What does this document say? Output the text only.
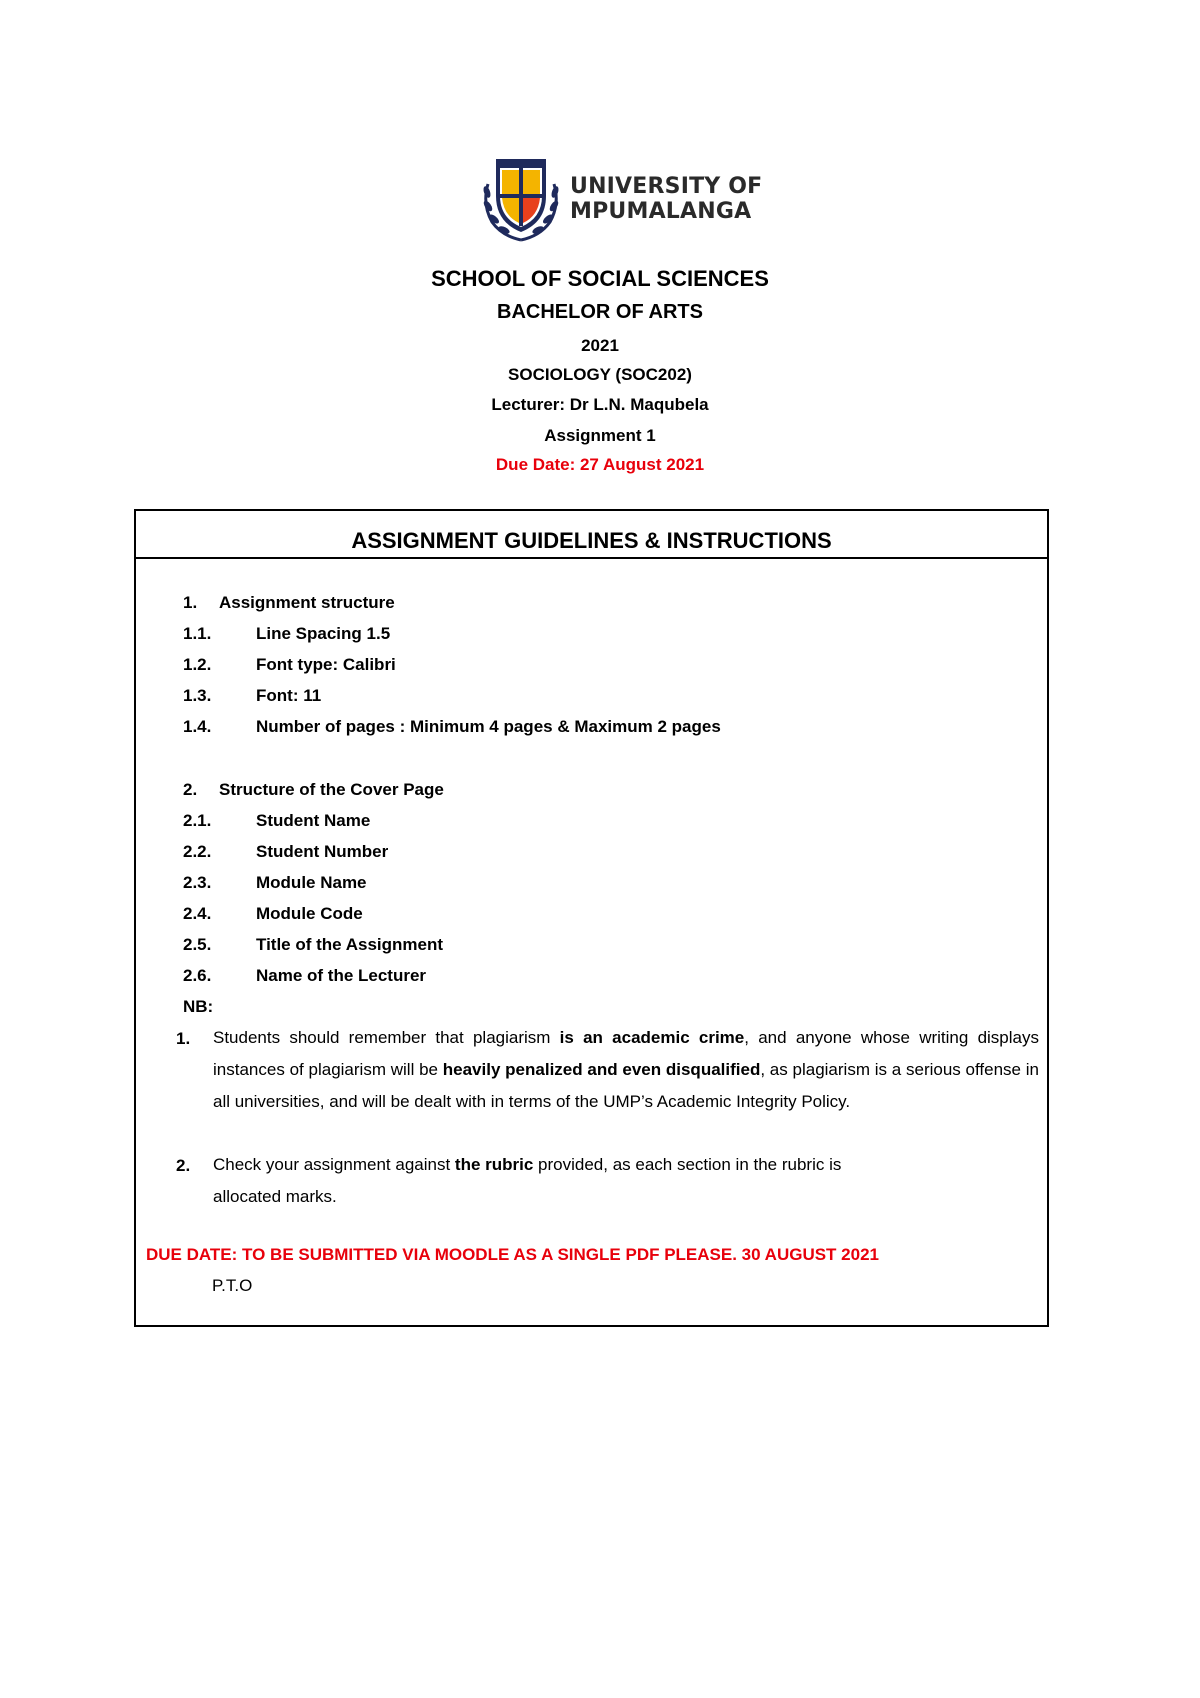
UNIVERSITY OF
MPUMALANGA
SCHOOL OF SOCIAL SCIENCES
BACHELOR OF ARTS
2021
SOCIOLOGY (SOC202)
Lecturer: Dr L.N. Maqubela
Assignment 1
Due Date: 27 August 2021
ASSIGNMENT GUIDELINES & INSTRUCTIONS
1. Assignment structure
1.1.	Line Spacing 1.5
1.2.	Font type: Calibri
1.3.	Font: 11
1.4.	Number of pages : Minimum 4 pages & Maximum 2 pages
2. Structure of the Cover Page
2.1.	Student Name
2.2.	Student Number
2.3.	Module Name
2.4.	Module Code
2.5.	Title of the Assignment
2.6.	Name of the Lecturer
NB:
1. Students should remember that plagiarism is an academic crime, and anyone whose writing displays instances of plagiarism will be heavily penalized and even disqualified, as plagiarism is a serious offense in all universities, and will be dealt with in terms of the UMP’s Academic Integrity Policy.
2. Check your assignment against the rubric provided, as each section in the rubric is
allocated marks.
DUE DATE: TO BE SUBMITTED VIA MOODLE AS A SINGLE PDF PLEASE. 30 AUGUST 2021
P.T.O
